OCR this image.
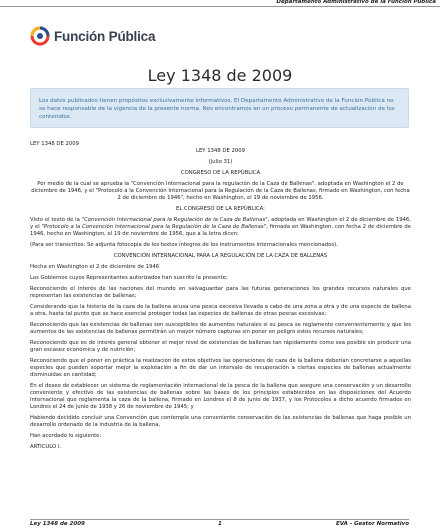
Departamento Administrativo de la Función Pública
Función Pública
Ley 1348 de 2009
Los datos publicados tienen propósitos exclusivamente informativos. El Departamento Administrativo de la Función Pública no se hace responsable de la vigencia de la presente norma. Nos encontramos en un proceso permanente de actualización de los contenidos.

LEY 1348 DE 2009

LEY 1348 DE 2009

(Julio 31)

CONGRESO DE LA REPÚBLICA

Por medio de la cual se aprueba la "Convención Internacional para la regulación de la Caza de Ballenas", adoptada en Washington el 2 de diciembre de 1946, y el "Protocolo a la Convención Internacional para la Regulación de la Caza de Ballenas, firmado en Washington, con fecha 2 de diciembre de 1946", hecho en Washington, el 19 de noviembre de 1956.

EL CONGRESO DE LA REPÚBLICA:

Visto el texto de la "Convención Internacional para la Regulación de la Caza de Ballenas", adoptada en Washington el 2 de diciembre de 1946, y el "Protocolo a la Convención Internacional para la Regulación de la Caza de Ballenas", firmada en Washington, con fecha 2 de diciembre de 1946, hecho en Washington, el 19 de noviembre de 1956, que a la letra dicen:

(Para ser transcritos: Se adjunta fotocopia de los textos íntegros de los instrumentos internacionales mencionados).

CONVENCIÓN INTERNACIONAL PARA LA REGULACIÓN DE LA CAZA DE BALLENAS

Hecha en Washington el 2 de diciembre de 1946

Los Gobiernos cuyos Representantes autorizados han suscrito la presente;

Reconociendo el interés de las naciones del mundo en salvaguardar para las futuras generaciones los grandes recursos naturales que representan las existencias de ballenas;

Considerando que la historia de la caza de la ballena acusa una pesca excesiva llevada a cabo de una zona a otra y de una especie de ballena a otra, hasta tal punto que se hace esencial proteger todas las especies de ballenas de otras pescas excesivas;

Reconociendo que las existencias de ballenas son susceptibles de aumentos naturales si su pesca se reglamente convenientemente y que los aumentos de las existencias de ballenas permitirán un mayor número capturas sin poner en peligro estos recursos naturales;

Reconociendo que es de interés general obtener el mejor nivel de existencias de ballenas tan rápidamente como sea posible sin producir una gran escasez económica y de nutrición;

Reconociendo que el poner en práctica la realización de estos objetivos las operaciones de caza de la ballena deberían concretarse a aquellas especies que pueden soportar mejor la explotación a fin de dar un intervalo de recuperación a ciertas especies de ballenas actualmente disminuidas en cantidad;

En el deseo de establecer un sistema de reglamentación internacional de la pesca de la ballena que asegure una conservación y un desarrollo conveniente y efectivo de las existencias de ballenas sobre las bases de los principios establecidos en las disposiciones del Acuerdo Internacional que reglamenta la caza de la ballena, firmado en Londres el 8 de junio de 1937, y los Protocolos a dicho acuerdo firmados en Londres el 24 de junio de 1938 y 26 de noviembre de 1945; y

Habiendo decidido concluir una Convención que contemple una conveniente conservación de las existencias de ballenas que haga posible un desarrollo ordenado de la industria de la ballena,

Han acordado lo siguiente:

ARTICULO I.

Ley 1348 de 2009	1	EVA - Gestor Normativo
